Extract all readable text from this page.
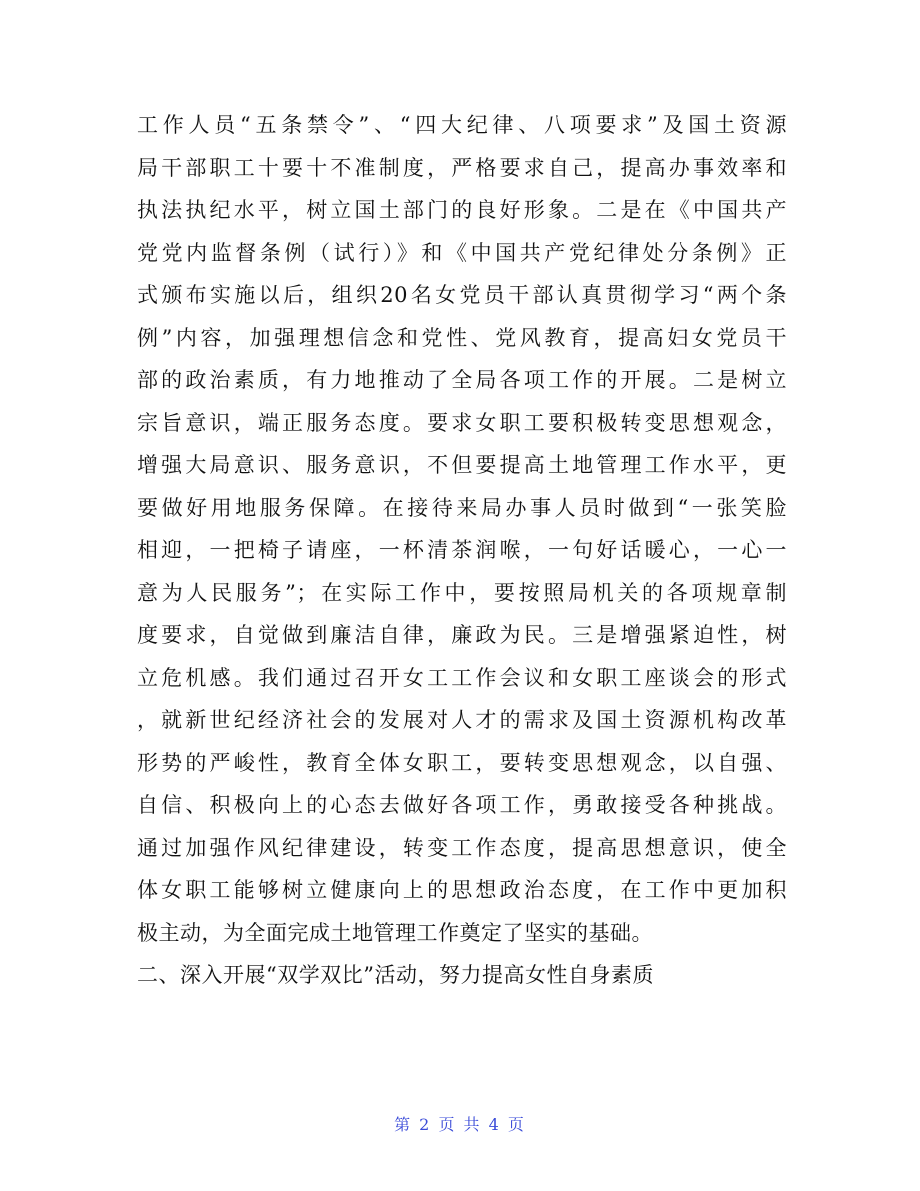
工作人员“五条禁令”、“四大纪律、八项要求”及国土资源
局干部职工十要十不准制度，严格要求自己，提高办事效率和
执法执纪水平，树立国土部门的良好形象。二是在《中国共产
党党内监督条例（试行）》和《中国共产党纪律处分条例》正
式颁布实施以后，组织20名女党员干部认真贯彻学习“两个条
例”内容，加强理想信念和党性、党风教育，提高妇女党员干
部的政治素质，有力地推动了全局各项工作的开展。二是树立
宗旨意识，端正服务态度。要求女职工要积极转变思想观念，
增强大局意识、服务意识，不但要提高土地管理工作水平，更
要做好用地服务保障。在接待来局办事人员时做到“一张笑脸
相迎，一把椅子请座，一杯清茶润喉，一句好话暖心，一心一
意为人民服务”；在实际工作中，要按照局机关的各项规章制
度要求，自觉做到廉洁自律，廉政为民。三是增强紧迫性，树
立危机感。我们通过召开女工工作会议和女职工座谈会的形式
，就新世纪经济社会的发展对人才的需求及国土资源机构改革
形势的严峻性，教育全体女职工，要转变思想观念，以自强、
自信、积极向上的心态去做好各项工作，勇敢接受各种挑战。
通过加强作风纪律建设，转变工作态度，提高思想意识，使全
体女职工能够树立健康向上的思想政治态度，在工作中更加积
极主动，为全面完成土地管理工作奠定了坚实的基础。
二、深入开展“双学双比”活动，努力提高女性自身素质
第 2 页 共 4 页
